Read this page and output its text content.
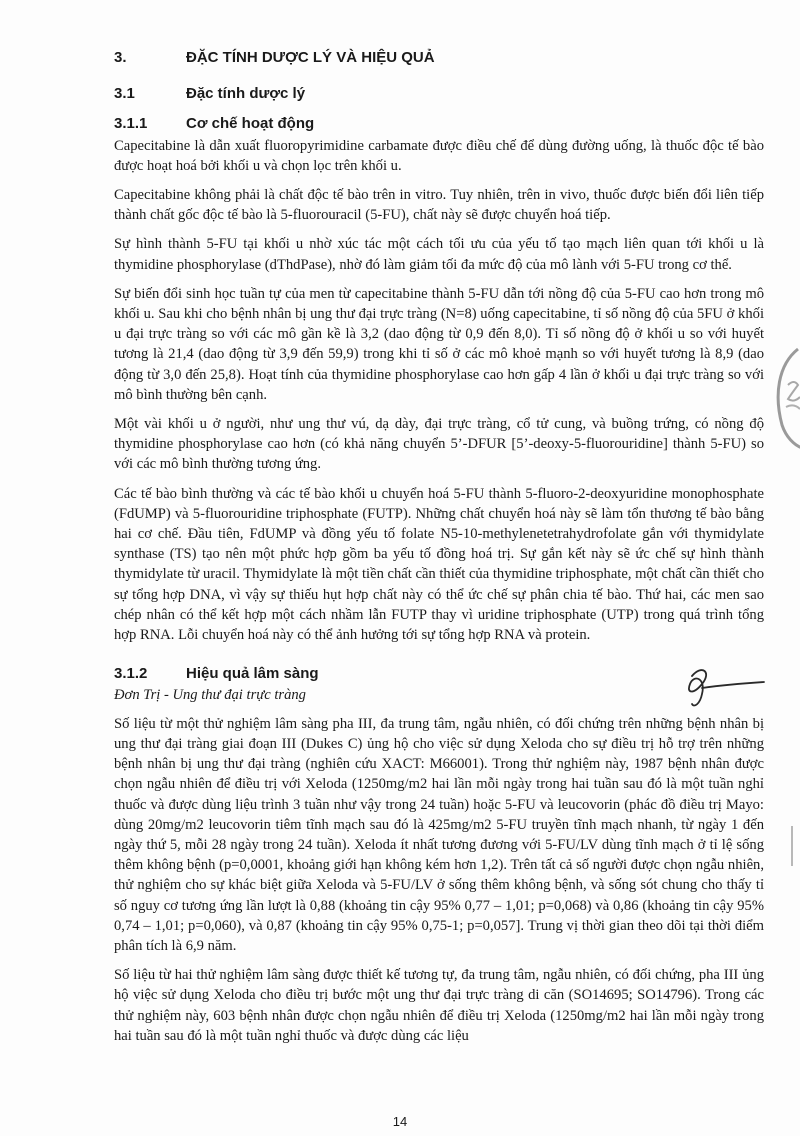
3.	ĐẶC TÍNH DƯỢC LÝ VÀ HIỆU QUẢ
3.1	Đặc tính dược lý
3.1.1	Cơ chế hoạt động

Capecitabine là dẫn xuất fluoropyrimidine carbamate được điều chế để dùng đường uống, là thuốc độc tế bào được hoạt hoá bởi khối u và chọn lọc trên khối u.

Capecitabine không phải là chất độc tế bào trên in vitro. Tuy nhiên, trên in vivo, thuốc được biến đổi liên tiếp thành chất gốc độc tế bào là 5-fluorouracil (5-FU), chất này sẽ được chuyển hoá tiếp.

Sự hình thành 5-FU tại khối u nhờ xúc tác một cách tối ưu của yếu tố tạo mạch liên quan tới khối u là thymidine phosphorylase (dThdPase), nhờ đó làm giảm tối đa mức độ của mô lành với 5-FU trong cơ thể.

Sự biến đổi sinh học tuần tự của men từ capecitabine thành 5-FU dẫn tới nồng độ của 5-FU cao hơn trong mô khối u. Sau khi cho bệnh nhân bị ung thư đại trực tràng (N=8) uống capecitabine, tỉ số nồng độ của 5FU ở khối u đại trực tràng so với các mô gần kề là 3,2 (dao động từ 0,9 đến 8,0). Tỉ số nồng độ ở khối u so với huyết tương là 21,4 (dao động từ 3,9 đến 59,9) trong khi tỉ số ở các mô khoẻ mạnh so với huyết tương là 8,9 (dao động từ 3,0 đến 25,8). Hoạt tính của thymidine phosphorylase cao hơn gấp 4 lần ở khối u đại trực tràng so với mô bình thường bên cạnh.

Một vài khối u ở người, như ung thư vú, dạ dày, đại trực tràng, cổ tử cung, và buồng trứng, có nồng độ thymidine phosphorylase cao hơn (có khả năng chuyển 5’-DFUR [5’-deoxy-5-fluorouridine] thành 5-FU) so với các mô bình thường tương ứng.

Các tế bào bình thường và các tế bào khối u chuyển hoá 5-FU thành 5-fluoro-2-deoxyuridine monophosphate (FdUMP) và 5-fluorouridine triphosphate (FUTP). Những chất chuyển hoá này sẽ làm tổn thương tế bào bằng hai cơ chế. Đầu tiên, FdUMP và đồng yếu tố folate N5-10-methylenetetrahydrofolate gắn với thymidylate synthase (TS) tạo nên một phức hợp gồm ba yếu tố đồng hoá trị. Sự gắn kết này sẽ ức chế sự hình thành thymidylate từ uracil. Thymidylate là một tiền chất cần thiết của thymidine triphosphate, một chất cần thiết cho sự tổng hợp DNA, vì vậy sự thiếu hụt hợp chất này có thể ức chế sự phân chia tế bào. Thứ hai, các men sao chép nhân có thể kết hợp một cách nhầm lẫn FUTP thay vì uridine triphosphate (UTP) trong quá trình tổng hợp RNA. Lỗi chuyển hoá này có thể ảnh hưởng tới sự tổng hợp RNA và protein.

3.1.2	Hiệu quả lâm sàng
Đơn Trị - Ung thư đại trực tràng

Số liệu từ một thử nghiệm lâm sàng pha III, đa trung tâm, ngẫu nhiên, có đối chứng trên những bệnh nhân bị ung thư đại tràng giai đoạn III (Dukes C) ủng hộ cho việc sử dụng Xeloda cho sự điều trị hỗ trợ trên những bệnh nhân bị ung thư đại tràng (nghiên cứu XACT: M66001). Trong thử nghiệm này, 1987 bệnh nhân được chọn ngẫu nhiên để điều trị với Xeloda (1250mg/m2 hai lần mỗi ngày trong hai tuần sau đó là một tuần nghỉ thuốc và được dùng liệu trình 3 tuần như vậy trong 24 tuần) hoặc 5-FU và leucovorin (phác đồ điều trị Mayo: dùng 20mg/m2 leucovorin tiêm tĩnh mạch sau đó là 425mg/m2 5-FU truyền tĩnh mạch nhanh, từ ngày 1 đến ngày thứ 5, mỗi 28 ngày trong 24 tuần). Xeloda ít nhất tương đương với 5-FU/LV dùng tĩnh mạch ở tỉ lệ sống thêm không bệnh (p=0,0001, khoảng giới hạn không kém hơn 1,2). Trên tất cả số người được chọn ngẫu nhiên, thử nghiệm cho sự khác biệt giữa Xeloda và 5-FU/LV ở sống thêm không bệnh, và sống sót chung cho thấy tỉ số nguy cơ tương ứng lần lượt là 0,88 (khoảng tin cậy 95% 0,77 – 1,01; p=0,068) và 0,86 (khoảng tin cậy 95% 0,74 – 1,01; p=0,060), và 0,87 (khoảng tin cậy 95% 0,75-1; p=0,057]. Trung vị thời gian theo dõi tại thời điểm phân tích là 6,9 năm.

Số liệu từ hai thử nghiệm lâm sàng được thiết kế tương tự, đa trung tâm, ngẫu nhiên, có đối chứng, pha III ủng hộ việc sử dụng Xeloda cho điều trị bước một ung thư đại trực tràng di căn (SO14695; SO14796). Trong các thử nghiệm này, 603 bệnh nhân được chọn ngẫu nhiên để điều trị Xeloda (1250mg/m2 hai lần mỗi ngày trong hai tuần sau đó là một tuần nghỉ thuốc và được dùng các liệu

14
